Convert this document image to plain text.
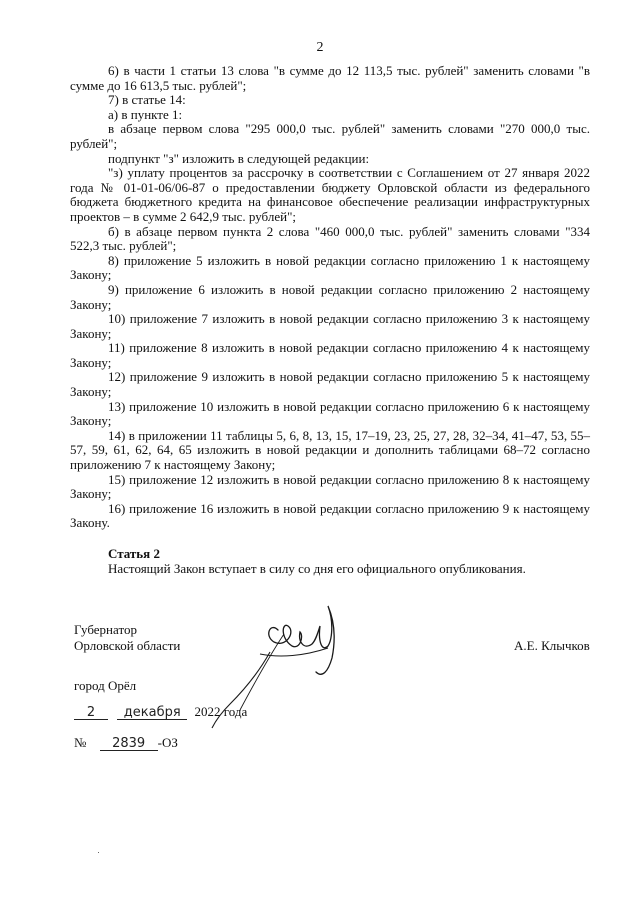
2

6) в части 1 статьи 13 слова "в сумме до 12 113,5 тыс. рублей" заменить словами "в сумме до 16 613,5 тыс. рублей";

7) в статье 14:

а) в пункте 1:

в абзаце первом слова "295 000,0 тыс. рублей" заменить словами "270 000,0 тыс. рублей";

подпункт "з" изложить в следующей редакции:

"з) уплату процентов за рассрочку в соответствии с Соглашением от 27 января 2022 года № 01-01-06/06-87 о предоставлении бюджету Орловской области из федерального бюджета бюджетного кредита на финансовое обеспечение реализации инфраструктурных проектов – в сумме 2 642,9 тыс. рублей";

б) в абзаце первом пункта 2 слова "460 000,0 тыс. рублей" заменить словами "334 522,3 тыс. рублей";

8) приложение 5 изложить в новой редакции согласно приложению 1 к настоящему Закону;

9) приложение 6 изложить в новой редакции согласно приложению 2 настоящему Закону;

10) приложение 7 изложить в новой редакции согласно приложению 3 к настоящему Закону;

11) приложение 8 изложить в новой редакции согласно приложению 4 к настоящему Закону;

12) приложение 9 изложить в новой редакции согласно приложению 5 к настоящему Закону;

13) приложение 10 изложить в новой редакции согласно приложению 6 к настоящему Закону;

14) в приложении 11 таблицы 5, 6, 8, 13, 15, 17–19, 23, 25, 27, 28, 32–34, 41–47, 53, 55–57, 59, 61, 62, 64, 65 изложить в новой редакции и дополнить таблицами 68–72 согласно приложению 7 к настоящему Закону;

15) приложение 12 изложить в новой редакции согласно приложению 8 к настоящему Закону;

16) приложение 16 изложить в новой редакции согласно приложению 9 к настоящему Закону.

Статья 2

Настоящий Закон вступает в силу со дня его официального опубликования.

Губернатор
Орловской области	А.Е. Клычков
город Орёл
2 декабря 2022 года
№ 2839 -ОЗ
